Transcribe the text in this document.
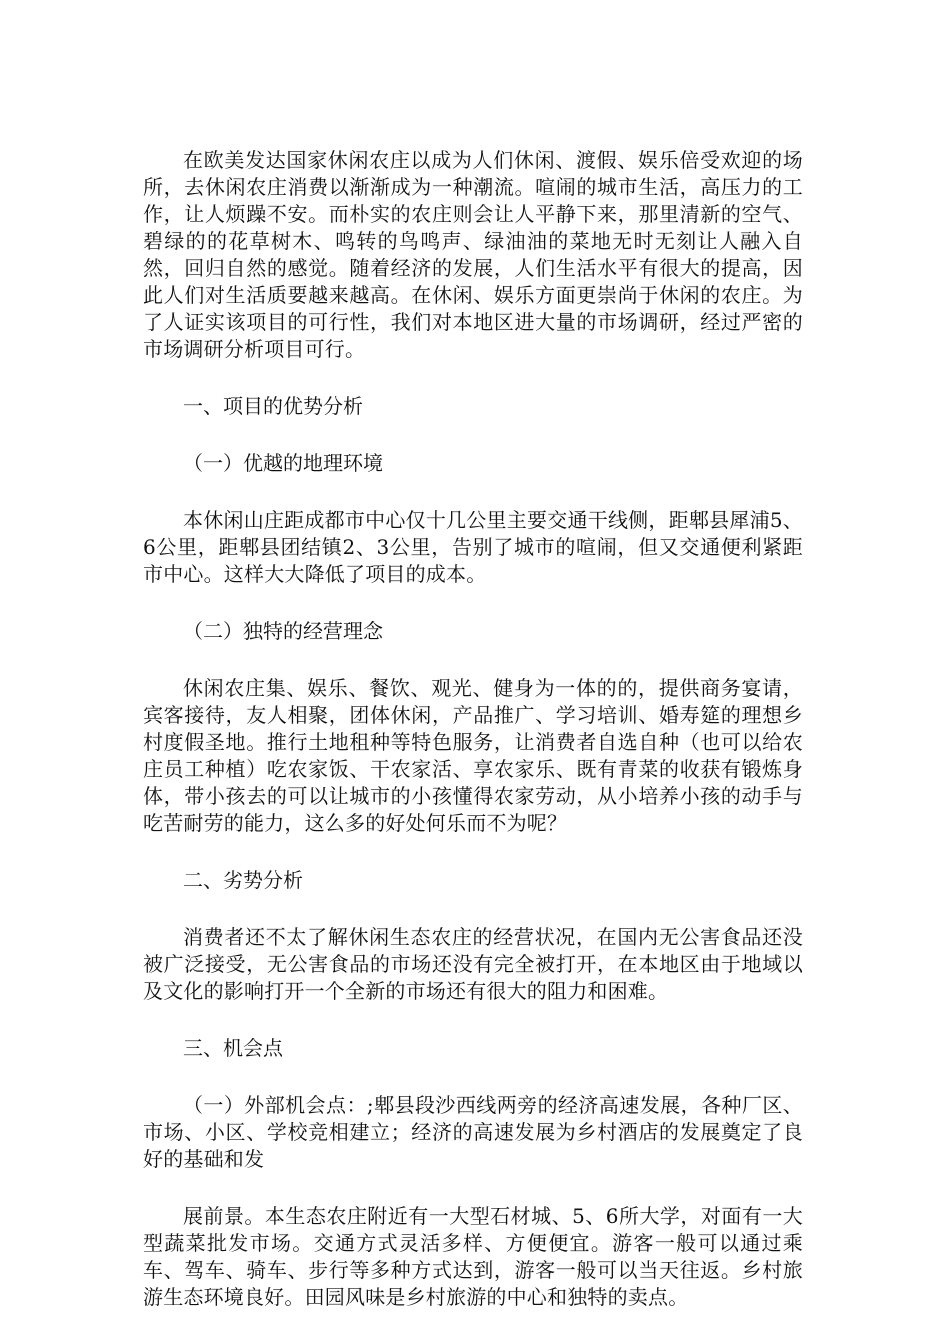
在欧美发达国家休闲农庄以成为人们休闲、渡假、娱乐倍受欢迎的场所，去休闲农庄消费以渐渐成为一种潮流。喧闹的城市生活，高压力的工作，让人烦躁不安。而朴实的农庄则会让人平静下来，那里清新的空气、碧绿的的花草树木、鸣转的鸟鸣声、绿油油的菜地无时无刻让人融入自然，回归自然的感觉。随着经济的发展，人们生活水平有很大的提高，因此人们对生活质要越来越高。在休闲、娱乐方面更崇尚于休闲的农庄。为了人证实该项目的可行性，我们对本地区进大量的市场调研，经过严密的市场调研分析项目可行。

一、项目的优势分析

（一）优越的地理环境

本休闲山庄距成都市中心仅十几公里主要交通干线侧，距郫县犀浦5、6公里，距郫县团结镇2、3公里，告别了城市的喧闹，但又交通便利紧距市中心。这样大大降低了项目的成本。

（二）独特的经营理念

休闲农庄集、娱乐、餐饮、观光、健身为一体的的，提供商务宴请，宾客接待，友人相聚，团体休闲，产品推广、学习培训、婚寿筵的理想乡村度假圣地。推行土地租种等特色服务，让消费者自选自种（也可以给农庄员工种植）吃农家饭、干农家活、享农家乐、既有青菜的收获有锻炼身体，带小孩去的可以让城市的小孩懂得农家劳动，从小培养小孩的动手与吃苦耐劳的能力，这么多的好处何乐而不为呢？

二、劣势分析

消费者还不太了解休闲生态农庄的经营状况，在国内无公害食品还没被广泛接受，无公害食品的市场还没有完全被打开，在本地区由于地域以及文化的影响打开一个全新的市场还有很大的阻力和困难。

三、机会点

（一）外部机会点：;郫县段沙西线两旁的经济高速发展，各种厂区、市场、小区、学校竞相建立；经济的高速发展为乡村酒店的发展奠定了良好的基础和发

展前景。本生态农庄附近有一大型石材城、5、6所大学，对面有一大型蔬菜批发市场。交通方式灵活多样、方便便宜。游客一般可以通过乘车、驾车、骑车、步行等多种方式达到，游客一般可以当天往返。乡村旅游生态环境良好。田园风味是乡村旅游的中心和独特的卖点。
